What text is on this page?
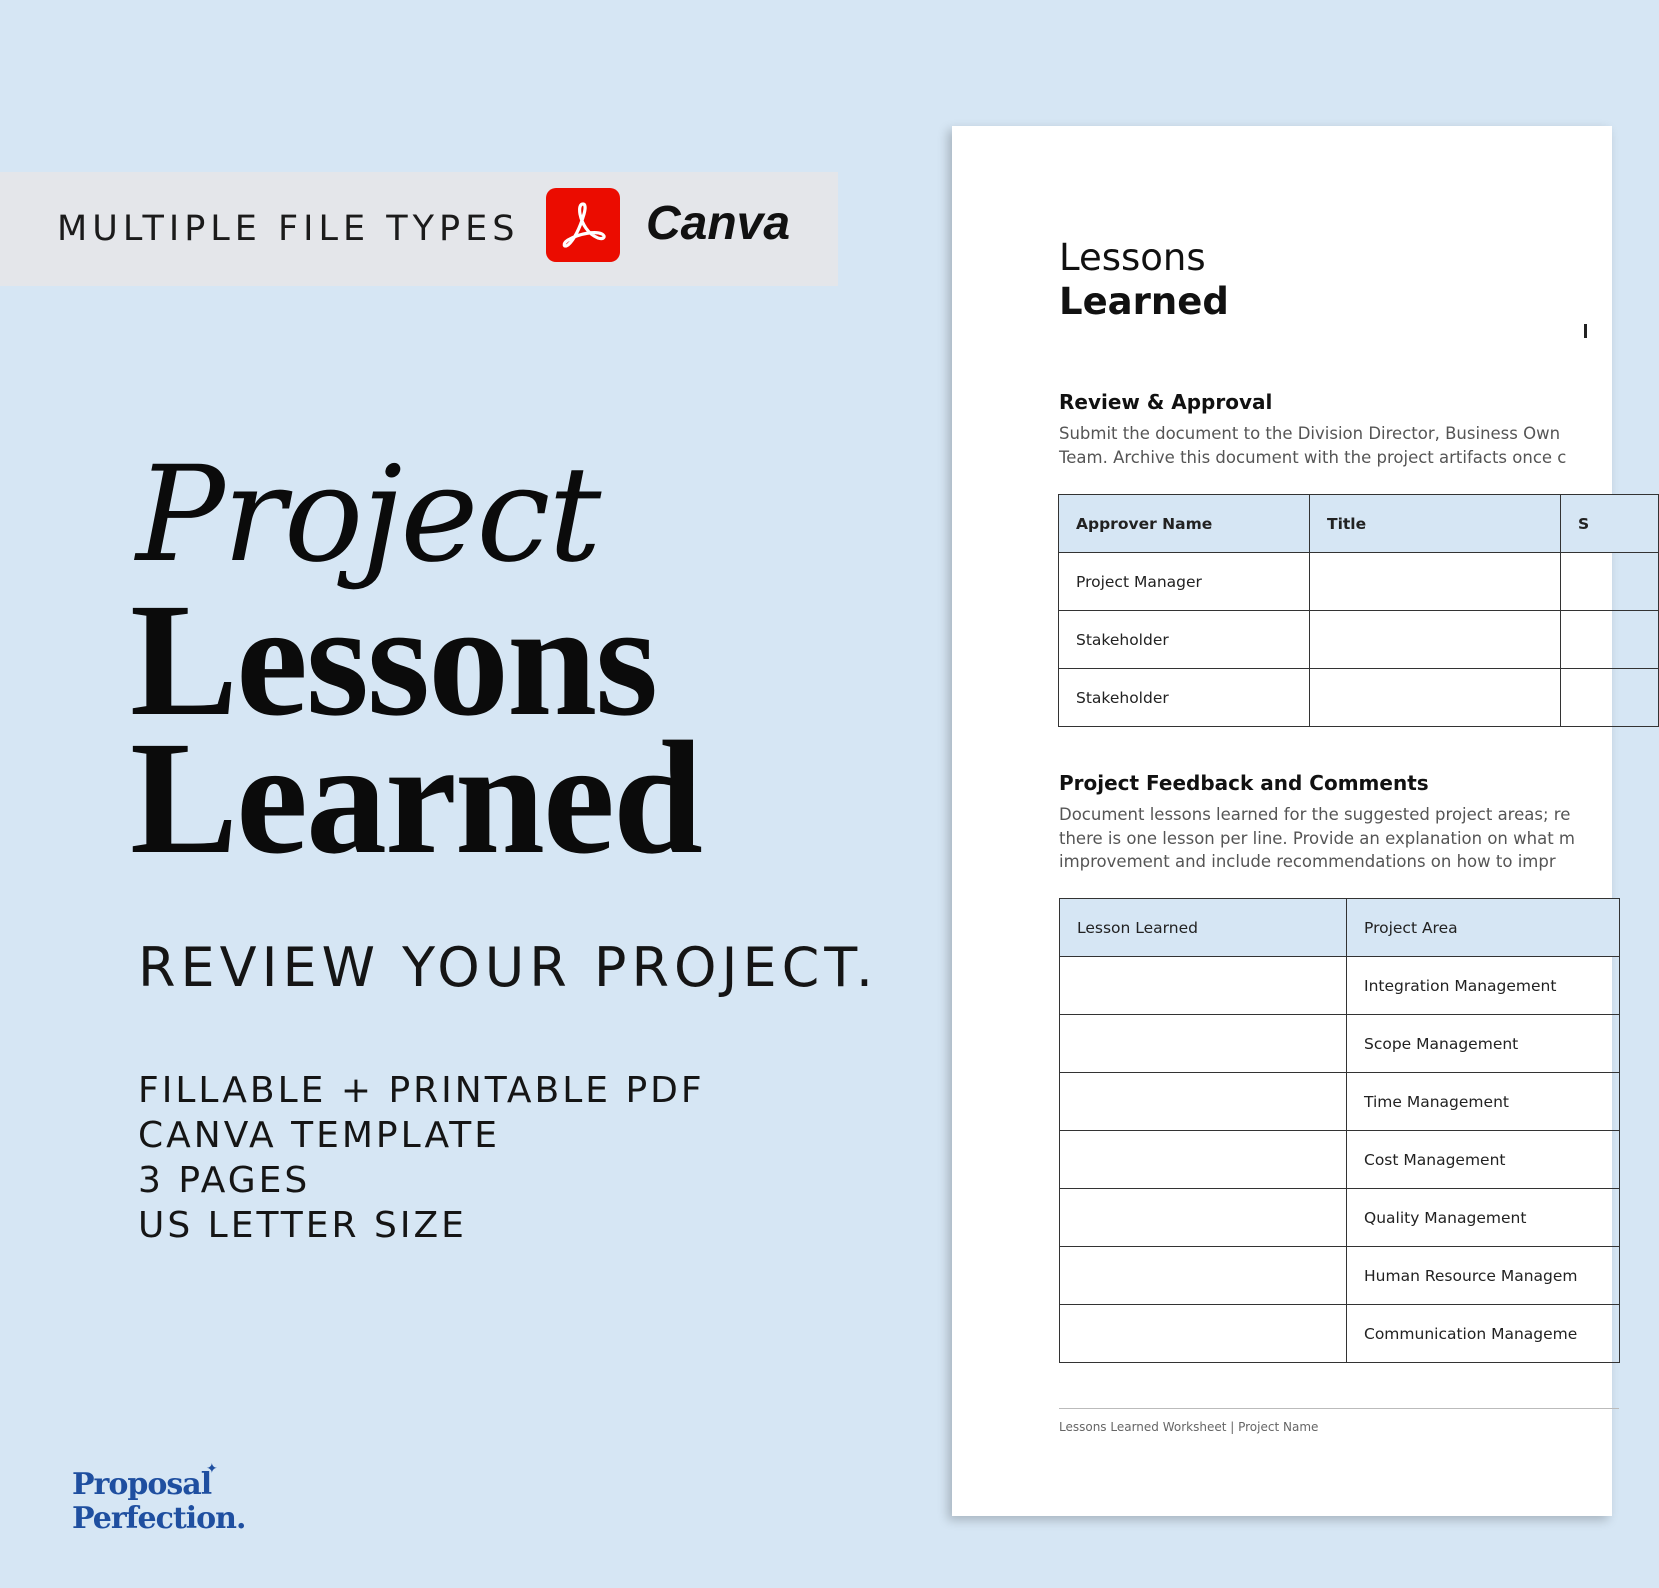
MULTIPLE FILE TYPES	Canva
Project
Lessons
Learned
REVIEW YOUR PROJECT.
FILLABLE + PRINTABLE PDF
CANVA TEMPLATE
3 PAGES
US LETTER SIZE
Proposal
Perfection.
✦
Lessons
Learned
Review & Approval
Submit the document to the Division Director, Business Own
Team. Archive this document with the project artifacts once c
Approver Name	Title	S
Project Manager		
Stakeholder		
Stakeholder		
Project Feedback and Comments
Document lessons learned for the suggested project areas; re
there is one lesson per line. Provide an explanation on what m
improvement and include recommendations on how to impr
Lesson Learned	Project Area
	Integration Management
	Scope Management
	Time Management
	Cost Management
	Quality Management
	Human Resource Managem
	Communication Manageme
Lessons Learned Worksheet | Project Name
